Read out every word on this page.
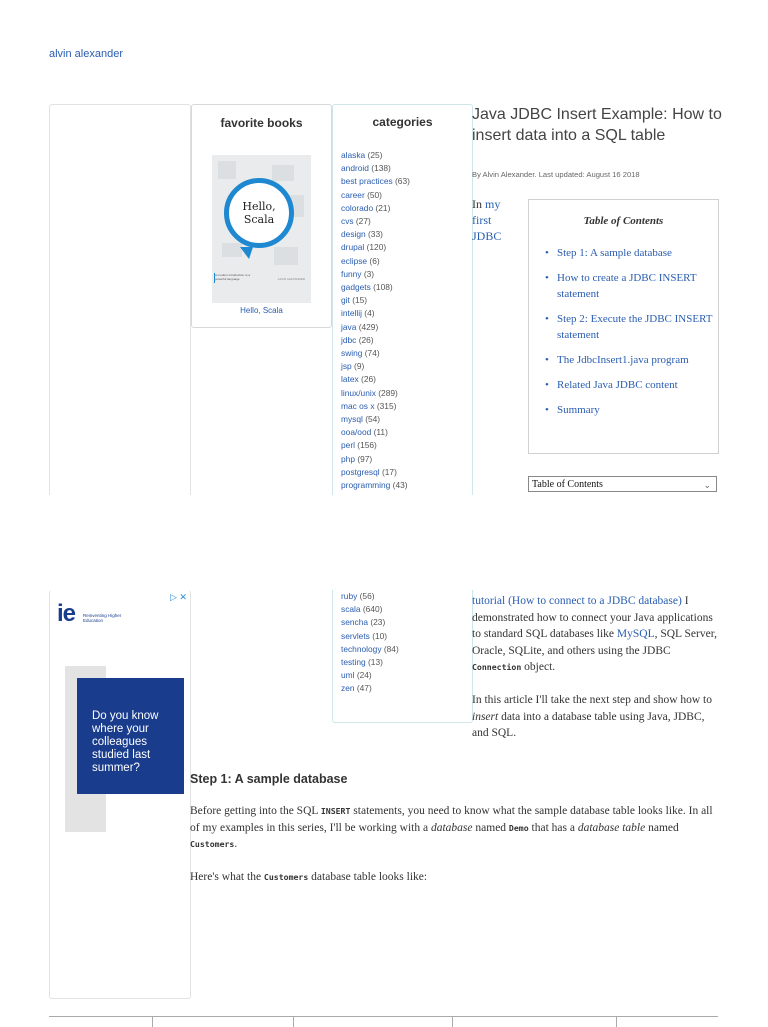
alvin alexander
favorite books
Hello, Scala
A modern introduction to a powerful language	ALVIN ALEXANDER
Hello, Scala
categories
alaska (25)
android (138)
best practices (63)
career (50)
colorado (21)
cvs (27)
design (33)
drupal (120)
eclipse (6)
funny (3)
gadgets (108)
git (15)
intellij (4)
java (429)
jdbc (26)
swing (74)
jsp (9)
latex (26)
linux/unix (289)
mac os x (315)
mysql (54)
ooa/ood (11)
perl (156)
php (97)
postgresql (17)
programming (43)
ruby (56)
scala (640)
sencha (23)
servlets (10)
technology (84)
testing (13)
uml (24)
zen (47)
Java JDBC Insert Example: How to insert data into a SQL table
By Alvin Alexander. Last updated: August 16 2018
In my first JDBC
Table of Contents
• Step 1: A sample database
• How to create a JDBC INSERT statement
• Step 2: Execute the JDBC INSERT statement
• The JdbcInsert1.java program
• Related Java JDBC content
• Summary
Table of Contents	⌄
ie Reinventing Higher Education
▷ ✕
Do you know where your colleagues studied last summer?
tutorial (How to connect to a JDBC database) I demonstrated how to connect your Java applications to standard SQL databases like MySQL, SQL Server, Oracle, SQLite, and others using the JDBC Connection object.
In this article I'll take the next step and show how to insert data into a database table using Java, JDBC, and SQL.
Step 1: A sample database
Before getting into the SQL INSERT statements, you need to know what the sample database table looks like. In all of my examples in this series, I'll be working with a database named Demo that has a database table named Customers.
Here's what the Customers database table looks like:
